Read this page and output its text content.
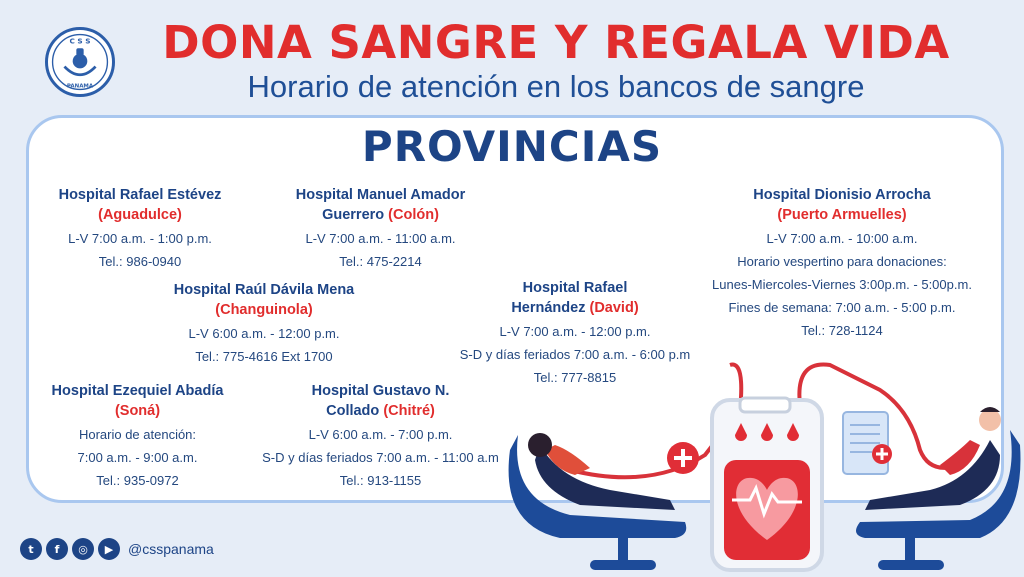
C S S
PANAMA
DONA SANGRE Y REGALA VIDA
Horario de atención en los bancos de sangre
PROVINCIAS
Hospital Rafael Estévez (Aguadulce)
L-V 7:00 a.m. - 1:00 p.m.
Tel.: 986-0940
Hospital Manuel Amador Guerrero (Colón)
L-V 7:00 a.m. - 11:00 a.m.
Tel.: 475-2214
Hospital Dionisio Arrocha
(Puerto Armuelles)
L-V 7:00 a.m. - 10:00 a.m.
Horario vespertino para donaciones:
Lunes-Miercoles-Viernes 3:00p.m. - 5:00p.m.
Fines de semana: 7:00 a.m. - 5:00 p.m.
Tel.: 728-1124
Hospital Raúl Dávila Mena
(Changuinola)
L-V 6:00 a.m. - 12:00 p.m.
Tel.: 775-4616 Ext 1700
Hospital Rafael Hernández (David)
L-V 7:00 a.m. - 12:00 p.m.
S-D y días feriados 7:00 a.m. - 6:00 p.m
Tel.: 777-8815
Hospital Ezequiel Abadía (Soná)
Horario de atención:
7:00 a.m. - 9:00 a.m.
Tel.: 935-0972
Hospital Gustavo N. Collado (Chitré)
L-V 6:00 a.m. - 7:00 p.m.
S-D y días feriados 7:00 a.m. - 11:00 a.m
Tel.: 913-1155
t	f	◎	▶	@csspanama
